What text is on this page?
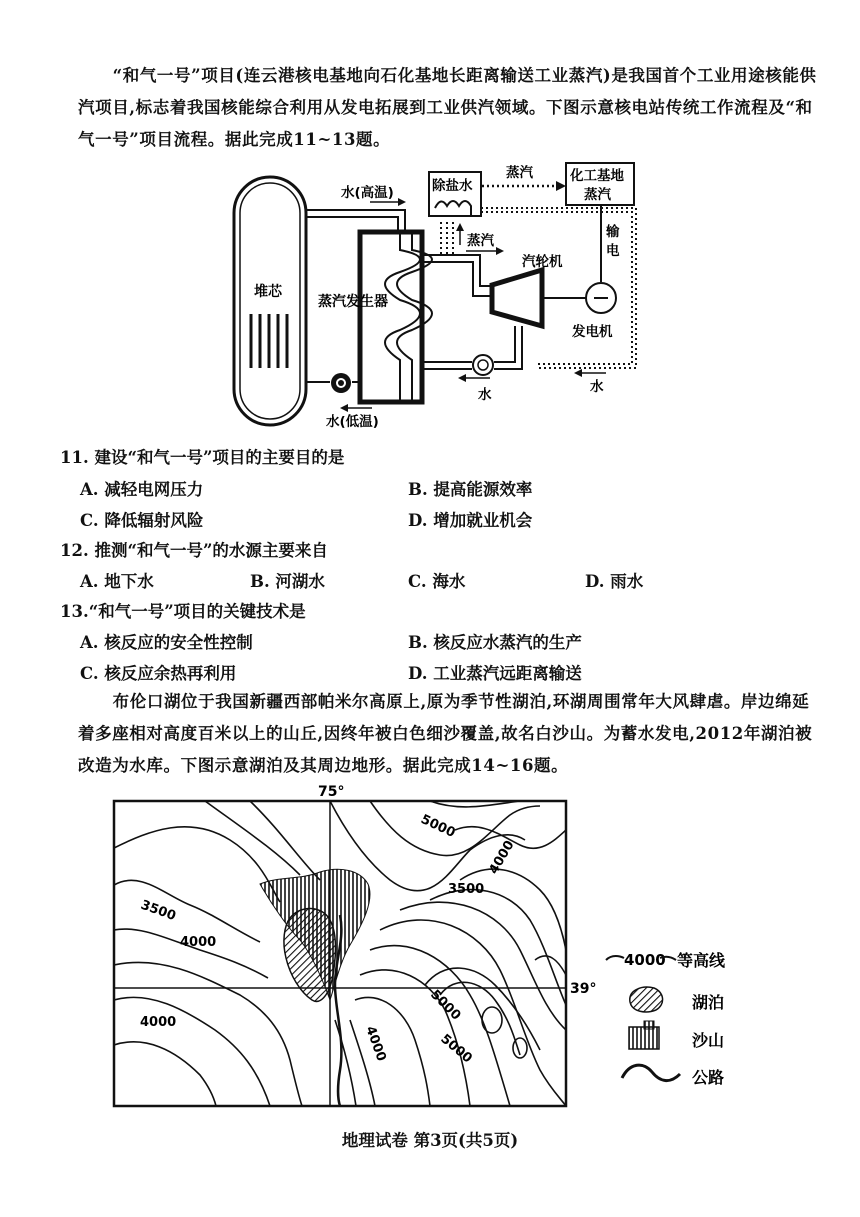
“和气一号”项目(连云港核电基地向石化基地长距离输送工业蒸汽)是我国首个工业用途核能供汽项目,标志着我国核能综合利用从发电拓展到工业供汽领域。下图示意核电站传统工作流程及“和气一号”项目流程。据此完成11~13题。

堆芯
水(高温)
蒸汽发生器
水(低温)
蒸汽
除盐水
蒸汽	化工基地
蒸汽
输
电
汽轮机
发电机
水	水

11. 建设“和气一号”项目的主要目的是

A. 减轻电网压力	B. 提高能源效率

C. 降低辐射风险	D. 增加就业机会

12. 推测“和气一号”的水源主要来自

A. 地下水	B. 河湖水	C. 海水	D. 雨水

13.“和气一号”项目的关键技术是

A. 核反应的安全性控制	B. 核反应水蒸汽的生产

C. 核反应余热再利用	D. 工业蒸汽远距离输送

布伦口湖位于我国新疆西部帕米尔高原上,原为季节性湖泊,环湖周围常年大风肆虐。岸边绵延着多座相对高度百米以上的山丘,因终年被白色细沙覆盖,故名白沙山。为蓄水发电,2012年湖泊被改造为水库。下图示意湖泊及其周边地形。据此完成14~16题。

75°
39°
5000
4000
3500
3500
4000
4000
4000
5000
5000
4000 等高线
湖泊
沙山
公路
地理试卷 第3页(共5页)
